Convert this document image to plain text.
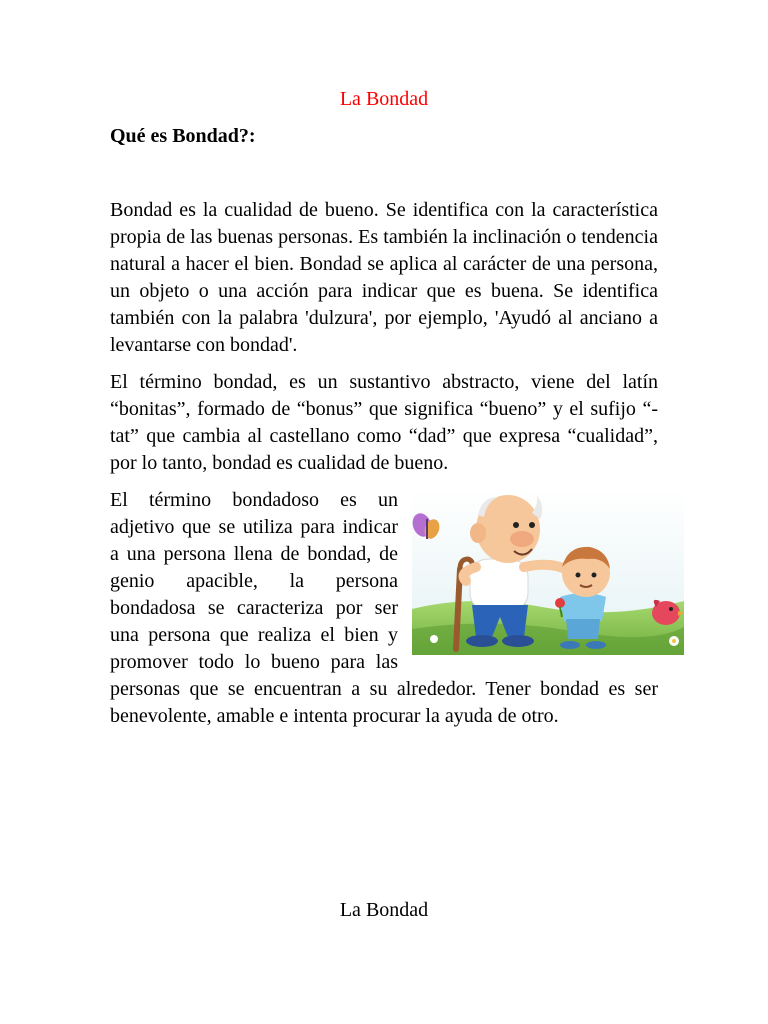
La Bondad
Qué es Bondad?:

Bondad es la cualidad de bueno. Se identifica con la característica propia de las buenas personas. Es también la inclinación o tendencia natural a hacer el bien. Bondad se aplica al carácter de una persona, un objeto o una acción para indicar que es buena. Se identifica también con la palabra 'dulzura', por ejemplo, 'Ayudó al anciano a levantarse con bondad'.

El término bondad, es un sustantivo abstracto, viene del latín “bonitas”, formado de “bonus” que significa “bueno” y el sufijo “-tat” que cambia al castellano como “dad” que expresa “cualidad”, por lo tanto, bondad es cualidad de bueno.

El término bondadoso es un adjetivo que se utiliza para indicar a una persona llena de bondad, de genio apacible, la persona bondadosa se caracteriza por ser una persona que realiza el bien y promover todo lo bueno para las personas que se encuentran a su alrededor. Tener bondad es ser benevolente, amable e intenta procurar la ayuda de otro.

La Bondad
